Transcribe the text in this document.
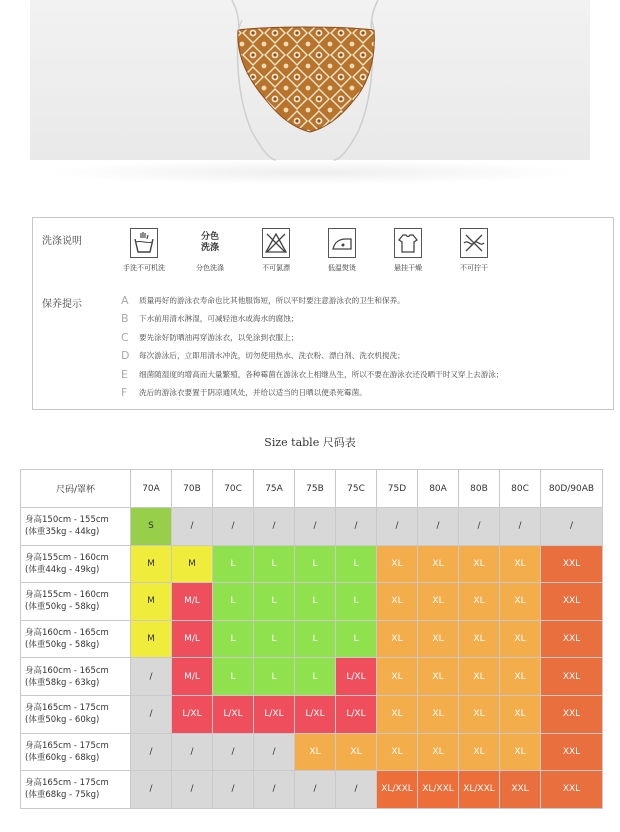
洗涤说明
保养提示
手洗不可机洗
分色
洗涤
分色洗涤	不可氯漂	低温熨烫	悬挂干燥	不可拧干
A	质量再好的游泳衣寿命也比其他服饰短，所以平时要注意游泳衣的卫生和保养。
B	下水前用清水淋湿，可减轻池水或海水的腐蚀；
C	要先涂好防晒油再穿游泳衣，以免涂到衣服上；
D	每次游泳后，立即用清水冲洗，切勿使用热水、洗衣粉、漂白剂、洗衣机搅洗；
E	细菌随湿度的增高而大量繁殖，各种霉菌在游泳衣上相继丛生，所以不要在游泳衣还没晒干时又穿上去游泳；
F	洗后的游泳衣要置于阴凉通风处，并给以适当的日晒以便杀死霉菌。
Size table 尺码表
尺码/罩杯	70A	70B	70C	75A	75B	75C	75D	80A	80B	80C	80D/90AB

身高150cm - 155cm
(体重35kg - 44kg)	S	/	/	/	/	/	/	/	/	/	/

身高155cm - 160cm
(体重44kg - 49kg)	M	M	L	L	L	L	XL	XL	XL	XL	XXL

身高155cm - 160cm
(体重50kg - 58kg)	M	M/L	L	L	L	L	XL	XL	XL	XL	XXL

身高160cm - 165cm
(体重50kg - 58kg)	M	M/L	L	L	L	L	XL	XL	XL	XL	XXL

身高160cm - 165cm
(体重58kg - 63kg)	/	M/L	L	L	L	L/XL	XL	XL	XL	XL	XXL

身高165cm - 175cm
(体重50kg - 60kg)	/	L/XL	L/XL	L/XL	L/XL	L/XL	XL	XL	XL	XL	XXL

身高165cm - 175cm
(体重60kg - 68kg)	/	/	/	/	XL	XL	XL	XL	XL	XL	XXL

身高165cm - 175cm
(体重68kg - 75kg)	/	/	/	/	/	/	XL/XXL	XL/XXL	XL/XXL	XXL	XXL
